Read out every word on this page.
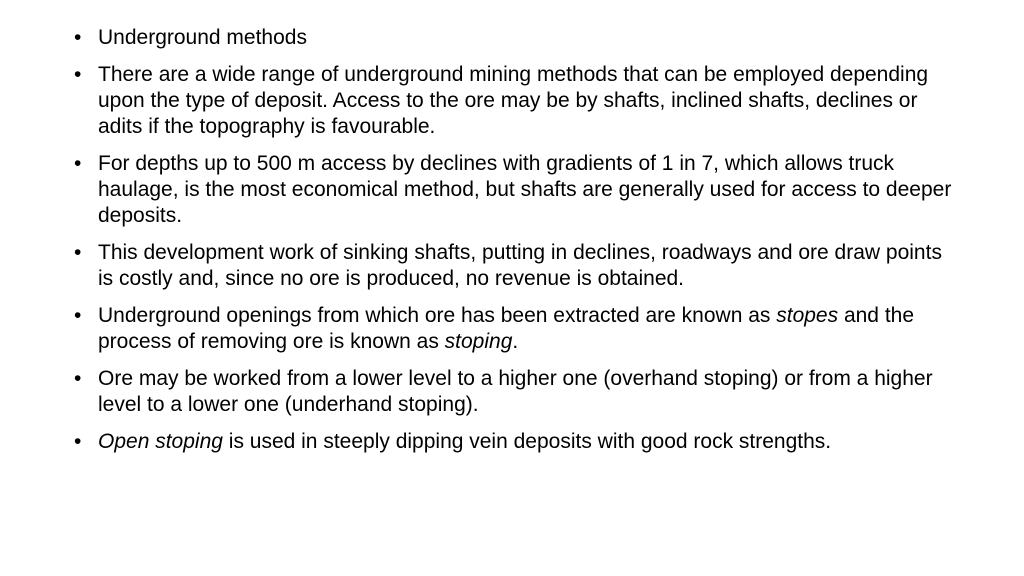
• Underground methods
• There are a wide range of underground mining methods that can be employed depending upon the type of deposit. Access to the ore may be by shafts, inclined shafts, declines or adits if the topography is favourable.
• For depths up to 500 m access by declines with gradients of 1 in 7, which allows truck haulage, is the most economical method, but shafts are generally used for access to deeper deposits.
• This development work of sinking shafts, putting in declines, roadways and ore draw points is costly and, since no ore is produced, no revenue is obtained.
• Underground openings from which ore has been extracted are known as stopes and the process of removing ore is known as stoping.
• Ore may be worked from a lower level to a higher one (overhand stoping) or from a higher level to a lower one (underhand stoping).
• Open stoping is used in steeply dipping vein deposits with good rock strengths.
